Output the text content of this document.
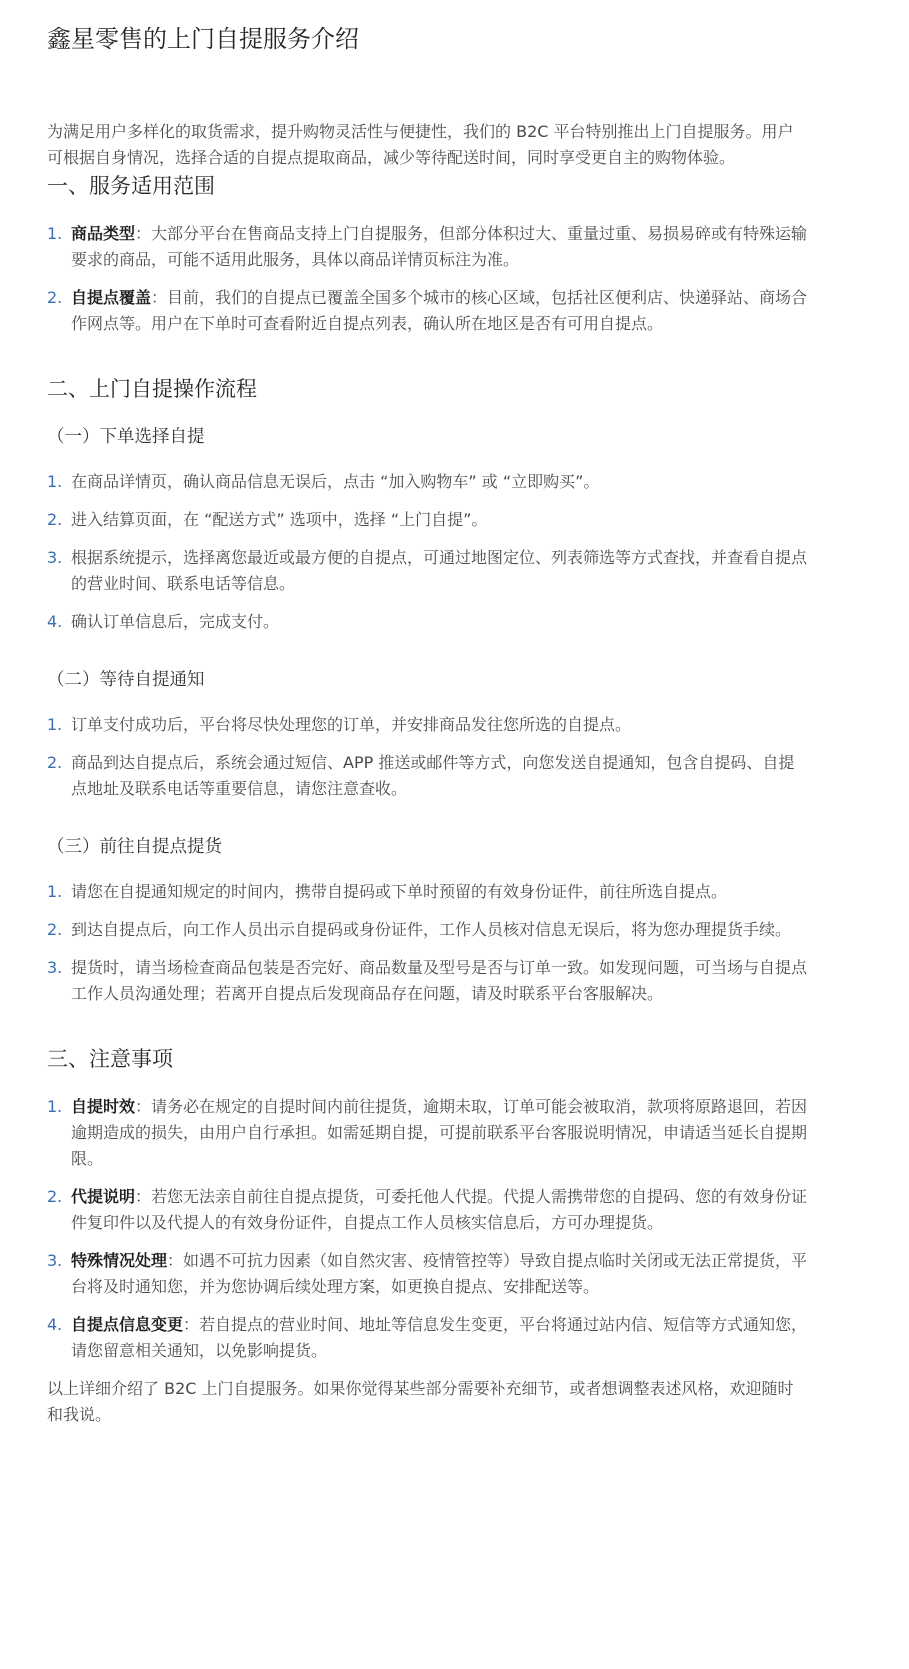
鑫星零售的上门自提服务介绍

为满足用户多样化的取货需求，提升购物灵活性与便捷性，我们的 B2C 平台特别推出上门自提服务。用户可根据自身情况，选择合适的自提点提取商品，减少等待配送时间，同时享受更自主的购物体验。

一、服务适用范围
1. 商品类型：大部分平台在售商品支持上门自提服务，但部分体积过大、重量过重、易损易碎或有特殊运输要求的商品，可能不适用此服务，具体以商品详情页标注为准。
2. 自提点覆盖：目前，我们的自提点已覆盖全国多个城市的核心区域，包括社区便利店、快递驿站、商场合作网点等。用户在下单时可查看附近自提点列表，确认所在地区是否有可用自提点。
二、上门自提操作流程
（一）下单选择自提
1. 在商品详情页，确认商品信息无误后，点击 “加入购物车” 或 “立即购买”。
2. 进入结算页面，在 “配送方式” 选项中，选择 “上门自提”。
3. 根据系统提示，选择离您最近或最方便的自提点，可通过地图定位、列表筛选等方式查找，并查看自提点的营业时间、联系电话等信息。
4. 确认订单信息后，完成支付。
（二）等待自提通知
1. 订单支付成功后，平台将尽快处理您的订单，并安排商品发往您所选的自提点。
2. 商品到达自提点后，系统会通过短信、APP 推送或邮件等方式，向您发送自提通知，包含自提码、自提点地址及联系电话等重要信息，请您注意查收。
（三）前往自提点提货
1. 请您在自提通知规定的时间内，携带自提码或下单时预留的有效身份证件，前往所选自提点。
2. 到达自提点后，向工作人员出示自提码或身份证件，工作人员核对信息无误后，将为您办理提货手续。
3. 提货时，请当场检查商品包装是否完好、商品数量及型号是否与订单一致。如发现问题，可当场与自提点工作人员沟通处理；若离开自提点后发现商品存在问题，请及时联系平台客服解决。
三、注意事项
1. 自提时效：请务必在规定的自提时间内前往提货，逾期未取，订单可能会被取消，款项将原路退回，若因逾期造成的损失，由用户自行承担。如需延期自提，可提前联系平台客服说明情况，申请适当延长自提期限。
2. 代提说明：若您无法亲自前往自提点提货，可委托他人代提。代提人需携带您的自提码、您的有效身份证件复印件以及代提人的有效身份证件，自提点工作人员核实信息后，方可办理提货。
3. 特殊情况处理：如遇不可抗力因素（如自然灾害、疫情管控等）导致自提点临时关闭或无法正常提货，平台将及时通知您，并为您协调后续处理方案，如更换自提点、安排配送等。
4. 自提点信息变更：若自提点的营业时间、地址等信息发生变更，平台将通过站内信、短信等方式通知您，请您留意相关通知，以免影响提货。

以上详细介绍了 B2C 上门自提服务。如果你觉得某些部分需要补充细节，或者想调整表述风格，欢迎随时和我说。
